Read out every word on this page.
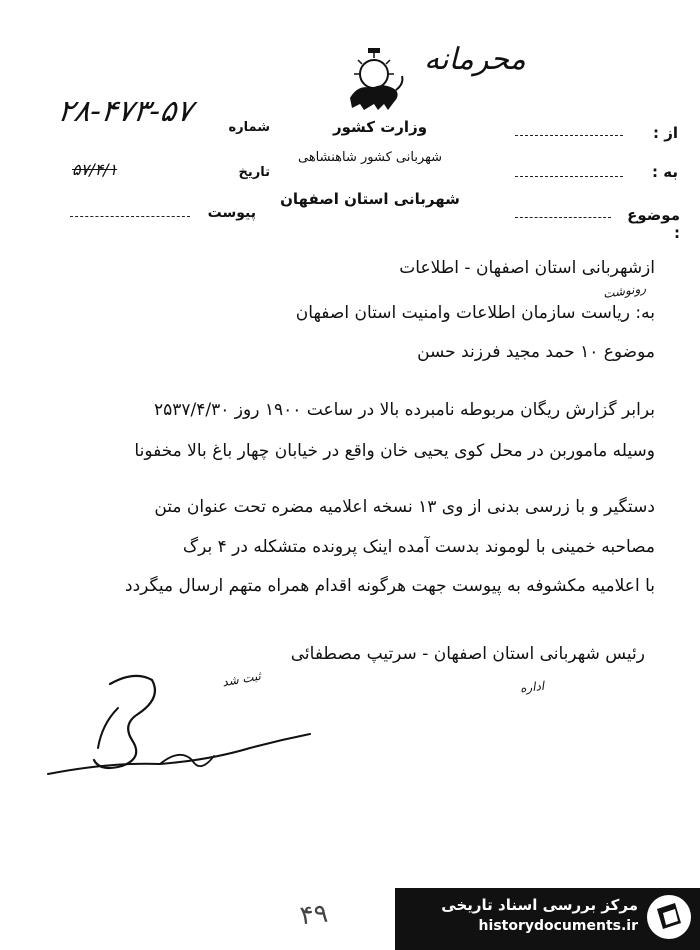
محرمانه
وزارت کشور
شهربانی کشور شاهنشاهی
شهربانی استان اصفهان
از :
به :
موضوع :
شماره
۲۸-۴۷۳-۵۷
تاریخ
۵۷/۴/۱
پیوست
ازشهربانی استان اصفهان - اطلاعات
رونوشت
به: ریاست سازمان اطلاعات وامنیت استان اصفهان
موضوع ۱۰ حمد مجید فرزند حسن
برابر گزارش ریگان مربوطه نامبرده بالا در ساعت ۱۹۰۰ روز ۲۵۳۷/۴/۳۰
وسیله ماموربن در محل کوی یحیی خان واقع در خیابان چهار باغ بالا مخفونا
دستگیر و با زرسی بدنی از وی ۱۳ نسخه اعلامیه مضره تحت عنوان متن
مصاحبه خمینی با لوموند بدست آمده اینک پرونده متشکله در ۴ برگ
با اعلامیه مکشوفه به پیوست جهت هرگونه اقدام همراه متهم ارسال میگردد
رئیس شهربانی استان اصفهان - سرتیپ مصطفائی
ثبت شد	اداره
۴۹	مرکز بررسی اسناد تاریخی
historydocuments.ir
